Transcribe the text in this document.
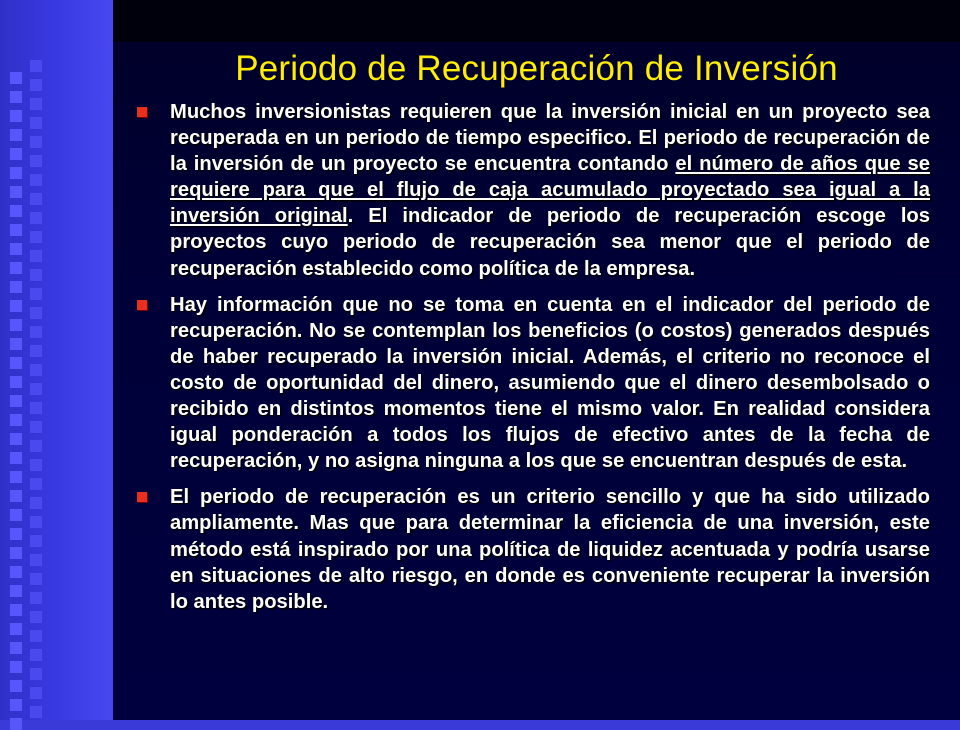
Periodo de Recuperación de Inversión

Muchos inversionistas requieren que la inversión inicial en un proyecto sea recuperada en un periodo de tiempo especifico. El periodo de recuperación de la inversión de un proyecto se encuentra contando el número de años que se requiere para que el flujo de caja acumulado proyectado sea igual a la inversión original. El indicador de periodo de recuperación escoge los proyectos cuyo periodo de recuperación sea menor que el periodo de recuperación establecido como política de la empresa.

Hay información que no se toma en cuenta en el indicador del periodo de recuperación. No se contemplan los beneficios (o costos) generados después de haber recuperado la inversión inicial. Además, el criterio no reconoce el costo de oportunidad del dinero, asumiendo que el dinero desembolsado o recibido en distintos momentos tiene el mismo valor. En realidad considera igual ponderación a todos los flujos de efectivo antes de la fecha de recuperación, y no asigna ninguna a los que se encuentran después de esta.

El periodo de recuperación es un criterio sencillo y que ha sido utilizado ampliamente. Mas que para determinar la eficiencia de una inversión, este método está inspirado por una política de liquidez acentuada y podría usarse en situaciones de alto riesgo, en donde es conveniente recuperar la inversión lo antes posible.
